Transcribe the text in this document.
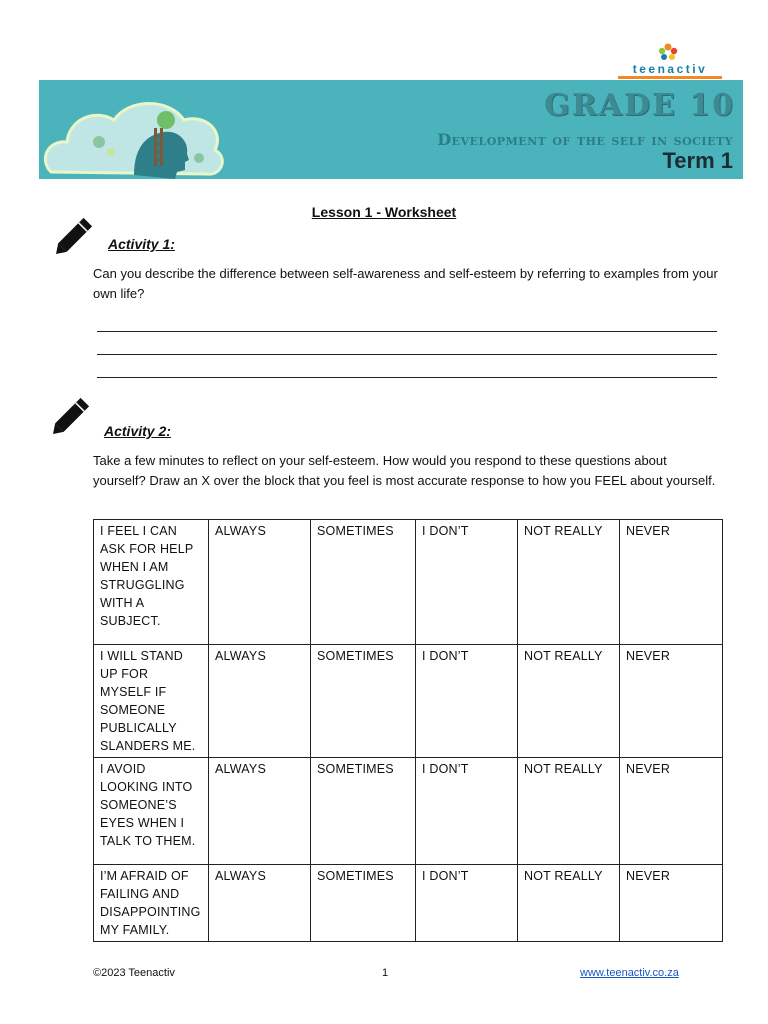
teenactiv
GRADE 10
Development of the self in society
Term 1
Lesson 1 - Worksheet
Activity 1:
Can you describe the difference between self-awareness and self-esteem by referring to examples from your own life?
Activity 2:
Take a few minutes to reflect on your self-esteem. How would you respond to these questions about yourself? Draw an X over the block that you feel is most accurate response to how you FEEL about yourself.
I FEEL I CAN ASK FOR HELP WHEN I AM STRUGGLING WITH A SUBJECT.	ALWAYS	SOMETIMES	I DON’T	NOT REALLY	NEVER
I WILL STAND UP FOR MYSELF IF SOMEONE PUBLICALLY SLANDERS ME.	ALWAYS	SOMETIMES	I DON’T	NOT REALLY	NEVER
I AVOID LOOKING INTO SOMEONE’S EYES WHEN I TALK TO THEM.	ALWAYS	SOMETIMES	I DON’T	NOT REALLY	NEVER
I’M AFRAID OF FAILING AND DISAPPOINTING MY FAMILY.	ALWAYS	SOMETIMES	I DON’T	NOT REALLY	NEVER
©2023 Teenactiv	1	www.teenactiv.co.za
